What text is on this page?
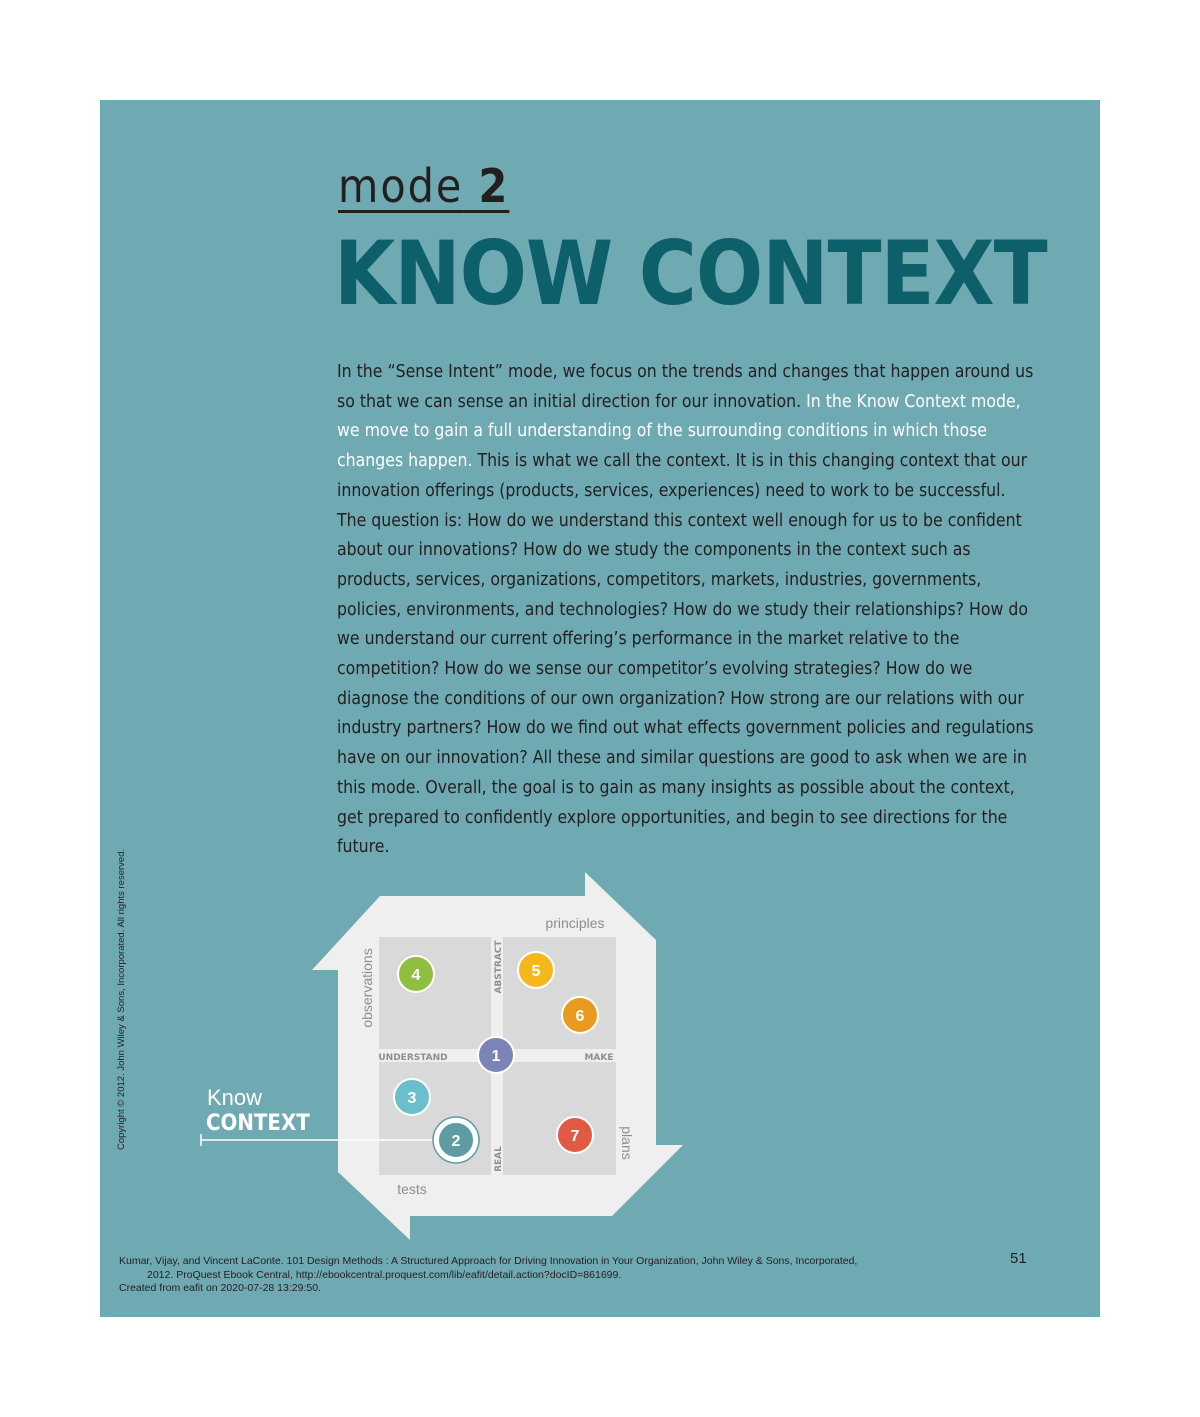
mode 2
KNOW CONTEXT

In the “Sense Intent” mode, we focus on the trends and changes that happen around us so that we can sense an initial direction for our innovation. In the Know Context mode, we move to gain a full understanding of the surrounding conditions in which those changes happen. This is what we call the context. It is in this changing context that our innovation offerings (products, services, experiences) need to work to be successful. The question is: How do we understand this context well enough for us to be confident about our innovations? How do we study the components in the context such as products, services, organizations, competitors, markets, industries, governments, policies, environments, and technologies? How do we study their relationships? How do we understand our current offering’s performance in the market relative to the competition? How do we sense our competitor’s evolving strategies? How do we diagnose the conditions of our own organization? How strong are our relations with our industry partners? How do we find out what effects government policies and regulations have on our innovation? All these and similar questions are good to ask when we are in this mode. Overall, the goal is to gain as many insights as possible about the context, get prepared to confidently explore opportunities, and begin to see directions for the future.

principles
observations
plans
tests
ABSTRACT
REAL
UNDERSTAND	MAKE
1
2
3
4	5
6
7
Know
CONTEXT
Copyright © 2012. John Wiley & Sons, Incorporated. All rights reserved.
Kumar, Vijay, and Vincent LaConte. 101 Design Methods : A Structured Approach for Driving Innovation in Your Organization, John Wiley & Sons, Incorporated,
2012. ProQuest Ebook Central, http://ebookcentral.proquest.com/lib/eafit/detail.action?docID=861699.
Created from eafit on 2020-07-28 13:29:50.
51
